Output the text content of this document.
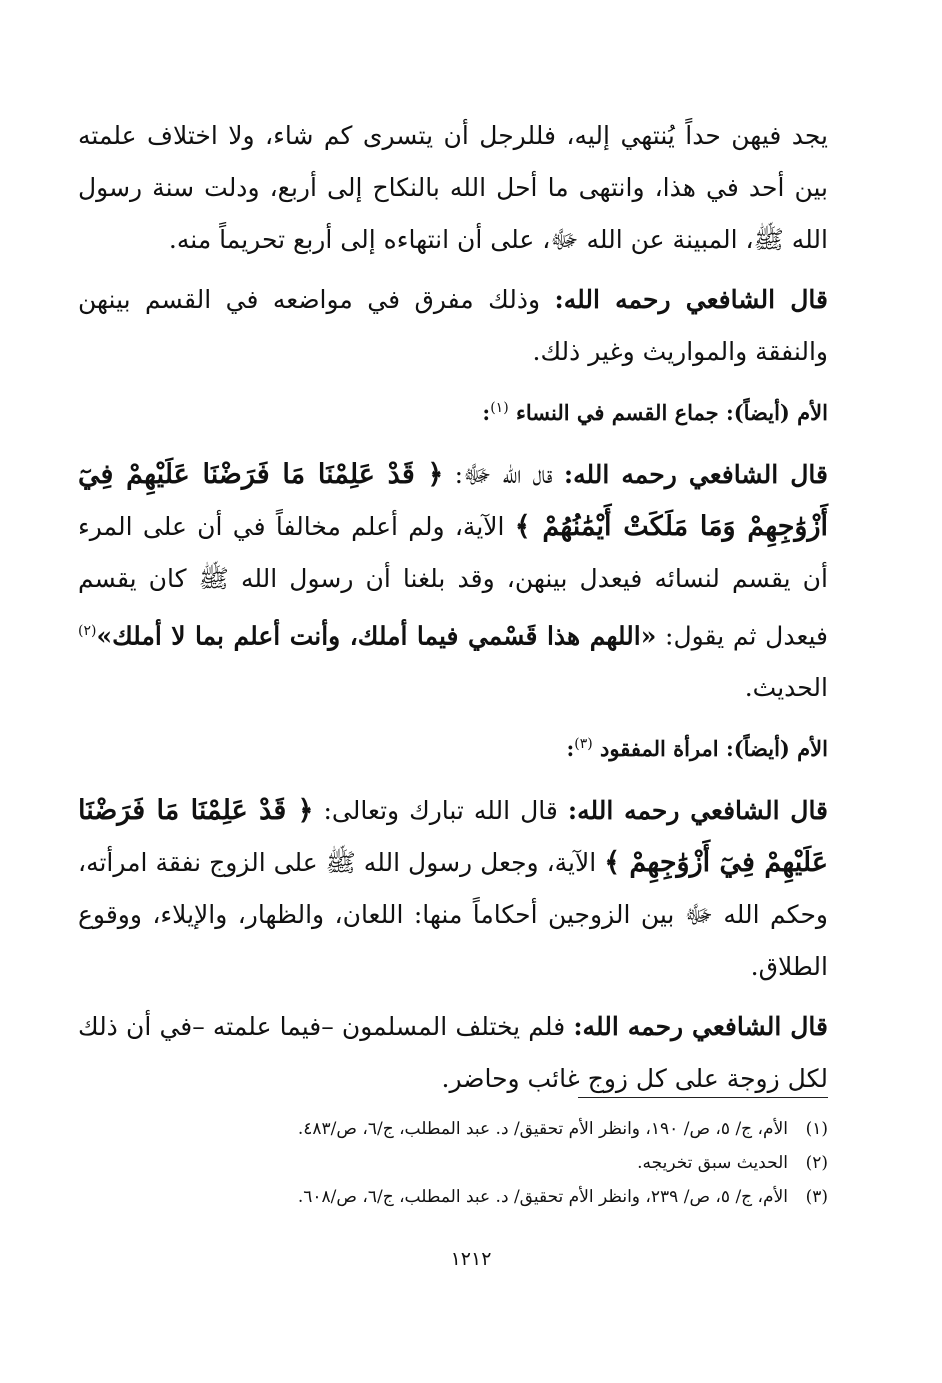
يجد فيهن حداً يُنتهي إليه، فللرجل أن يتسرى كم شاء، ولا اختلاف علمته بين أحد في هذا، وانتهى ما أحل الله بالنكاح إلى أربع، ودلت سنة رسول الله ﷺ، المبينة عن الله ﷻ، على أن انتهاءه إلى أربع تحريماً منه.

قال الشافعي رحمه الله: وذلك مفرق في مواضعه في القسم بينهن والنفقة والمواريث وغير ذلك.

الأم (أيضاً): جماع القسم في النساء $^{(١)}$:

قال الشافعي رحمه الله: قال الله ﷻ: ﴿ قَدْ عَلِمْنَا مَا فَرَضْنَا عَلَيْهِمْ فِيٓ أَزْوَٰجِهِمْ وَمَا مَلَكَتْ أَيْمَٰنُهُمْ ﴾ الآية، ولم أعلم مخالفاً في أن على المرء أن يقسم لنسائه فيعدل بينهن، وقد بلغنا أن رسول الله ﷺ كان يقسم فيعدل ثم يقول: «اللهم هذا قَسْمي فيما أملك، وأنت أعلم بما لا أملك»$^{(٢)}$ الحديث.

الأم (أيضاً): امرأة المفقود $^{(٣)}$:

قال الشافعي رحمه الله: قال الله تبارك وتعالى: ﴿ قَدْ عَلِمْنَا مَا فَرَضْنَا عَلَيْهِمْ فِيٓ أَزْوَٰجِهِمْ ﴾ الآية، وجعل رسول الله ﷺ على الزوج نفقة امرأته، وحكم الله ﷻ بين الزوجين أحكاماً منها: اللعان، والظهار، والإيلاء، ووقوع الطلاق.

قال الشافعي رحمه الله: فلم يختلف المسلمون –فيما علمته –في أن ذلك لكل زوجة على كل زوج غائب وحاضر.

(١)
الأم، ج/ ٥، ص/ ١٩٠، وانظر الأم تحقيق/ د. عبد المطلب، ج/٦، ص/٤٨٣.
(٢)
الحديث سبق تخريجه.
(٣)
الأم، ج/ ٥، ص/ ٢٣٩، وانظر الأم تحقيق/ د. عبد المطلب، ج/٦، ص/٦٠٨.
١٢١٢
